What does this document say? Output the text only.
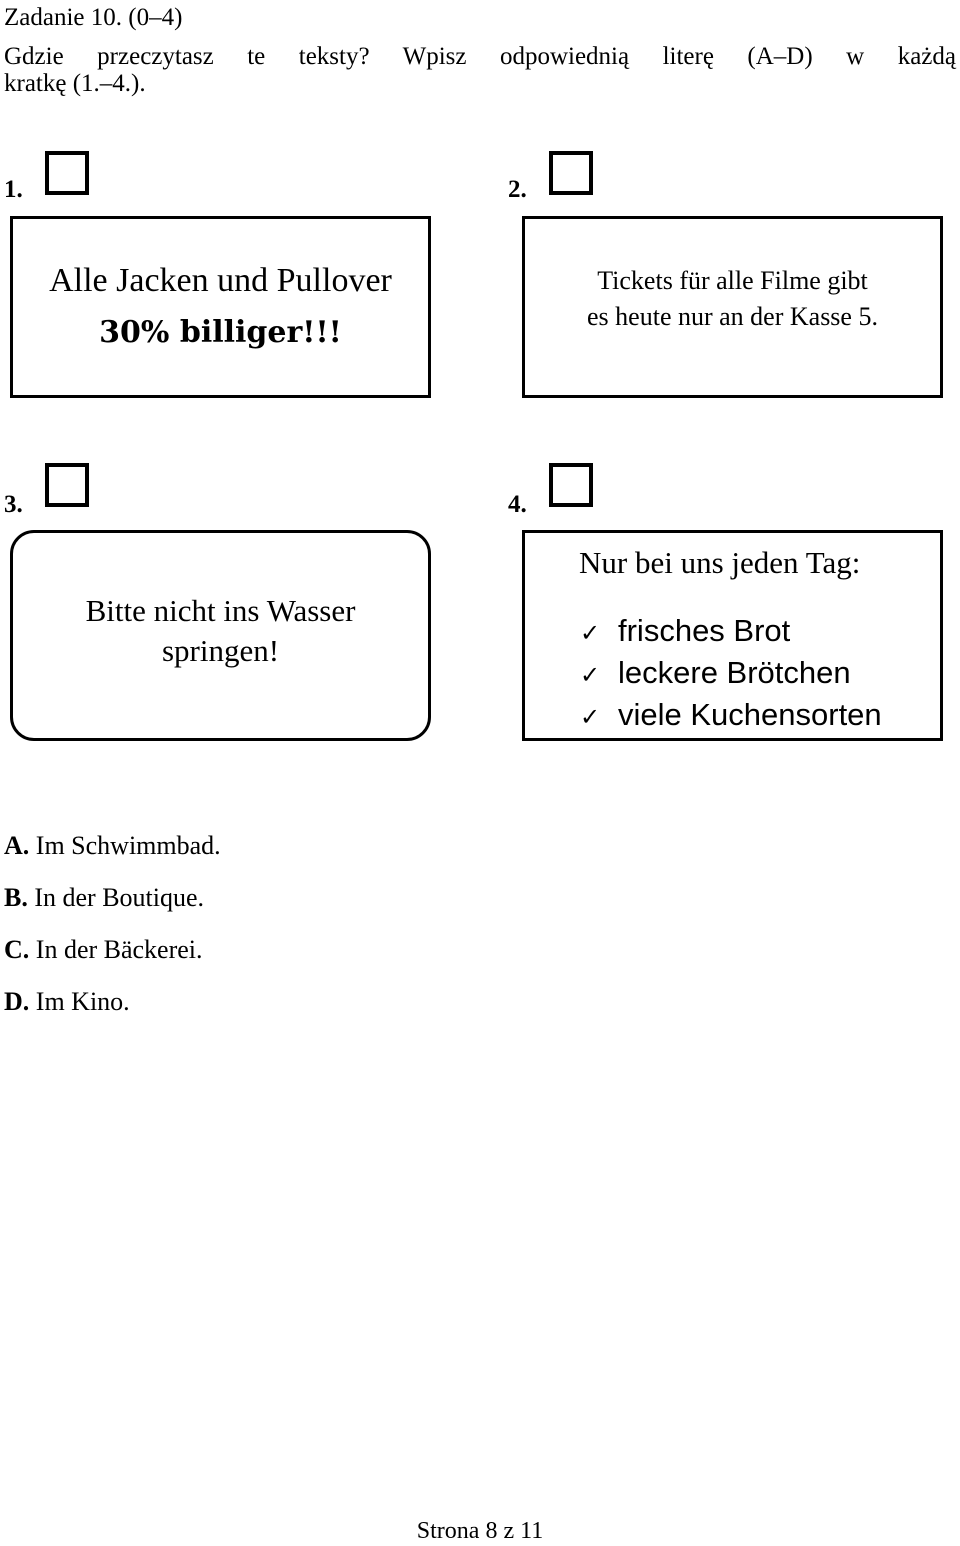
Zadanie 10. (0–4)
Gdzie przeczytasz te teksty? Wpisz odpowiednią literę (A–D) w każdą
kratkę (1.–4.).
1.
Alle Jacken und Pullover
30% billiger!!!
2.
Tickets für alle Filme gibt
es heute nur an der Kasse 5.
3.
Bitte nicht ins Wasser
springen!
4.
Nur bei uns jeden Tag:
✓ frisches Brot
✓ leckere Brötchen
✓ viele Kuchensorten
A. Im Schwimmbad.
B. In der Boutique.
C. In der Bäckerei.
D. Im Kino.
Strona 8 z 11
